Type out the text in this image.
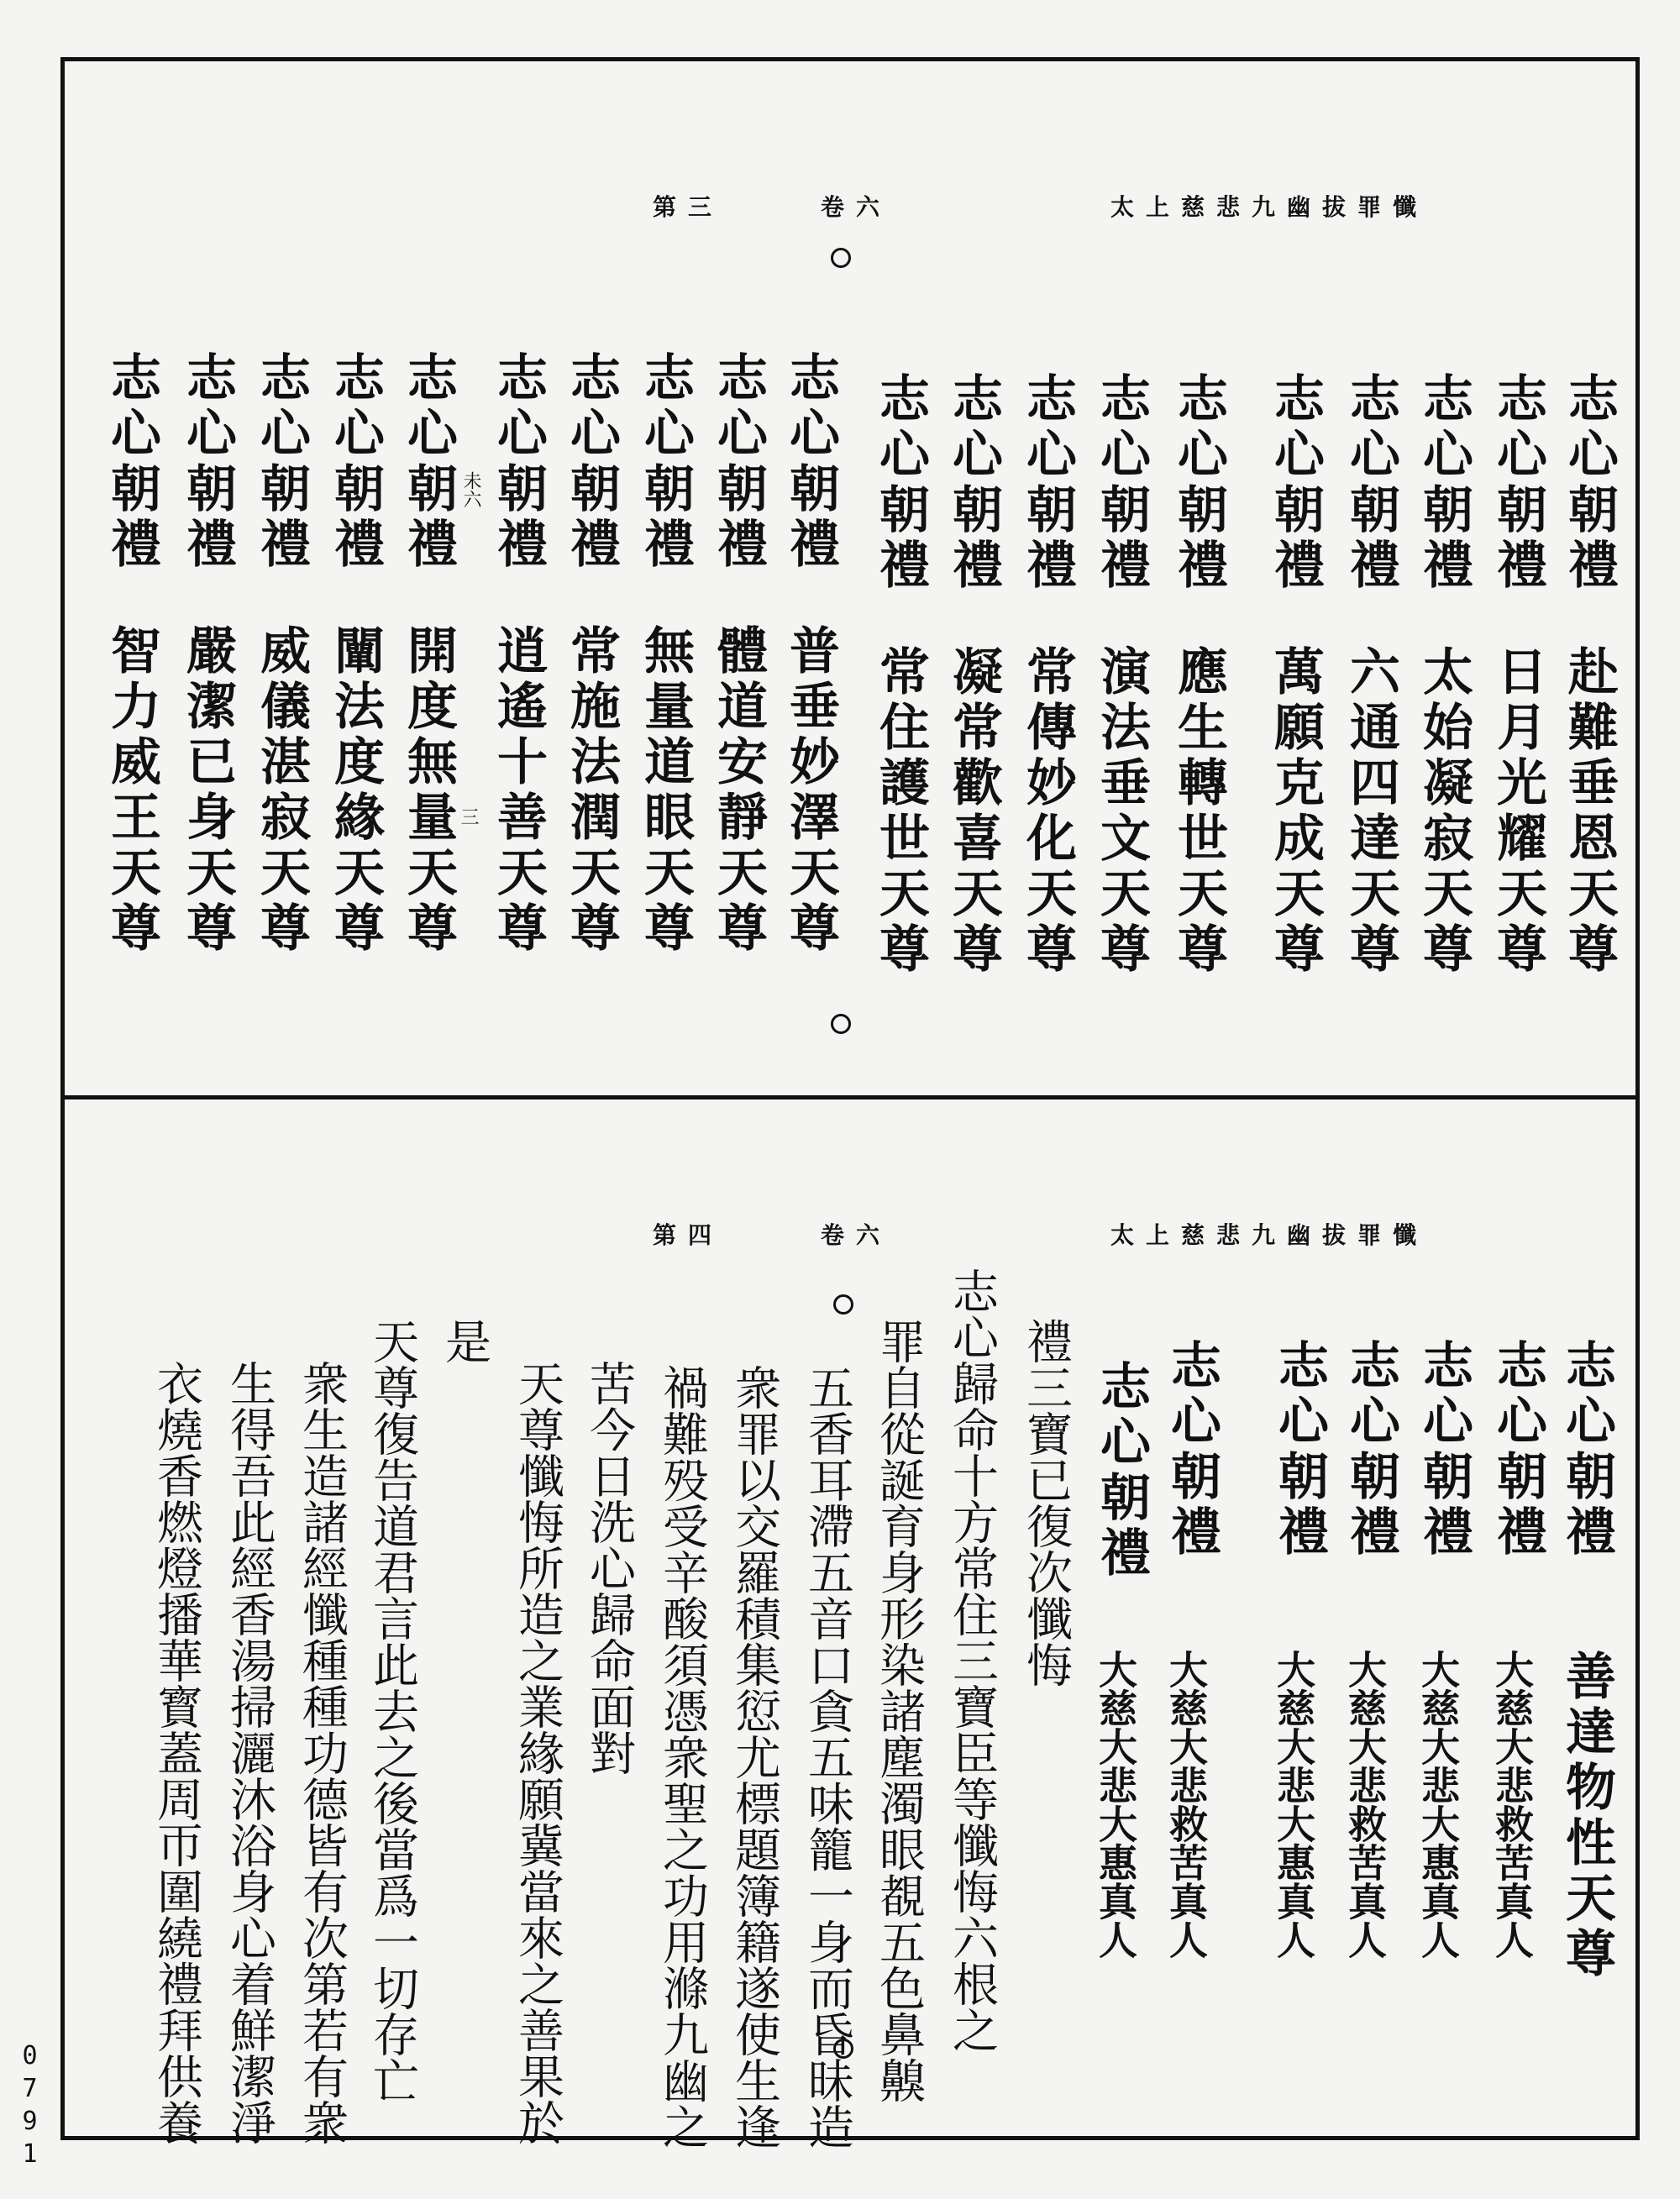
0791
太上慈悲九幽拔罪懺
卷六
第三
志心朝禮
赴難垂恩天尊
志心朝禮
日月光耀天尊
志心朝禮
太始凝寂天尊
志心朝禮
六通四達天尊
志心朝禮
萬願克成天尊
志心朝禮
應生轉世天尊
志心朝禮
演法垂文天尊
志心朝禮
常傳妙化天尊
志心朝禮
凝常歡喜天尊
志心朝禮
常住護世天尊
志心朝禮
普垂妙澤天尊
志心朝禮
體道安靜天尊
志心朝禮
無量道眼天尊
志心朝禮
常施法潤天尊
志心朝禮
逍遙十善天尊
志心朝禮
開度無量天尊
志心朝禮
闡法度緣天尊
志心朝禮
威儀湛寂天尊
志心朝禮
嚴潔已身天尊
志心朝禮
智力威王天尊
未六
三
太上慈悲九幽拔罪懺
卷六
第四
志心朝禮
善達物性天尊
志心朝禮
大慈大悲救苦真人
志心朝禮
大慈大悲大惠真人
志心朝禮
大慈大悲救苦真人
志心朝禮
大慈大悲大惠真人
志心朝禮
大慈大悲救苦真人
志心朝禮
大慈大悲大惠真人
禮三寶已復次懺悔
志心歸命十方常住三寶臣等懺悔六根之
罪自從誕育身形染諸塵濁眼覩五色鼻齅
五香耳滯五音口貪五味籠一身而昏昧造
衆罪以交羅積集愆尤標題簿籍遂使生逢
禍難殁受辛酸須憑衆聖之功用滌九幽之
苦今日洗心歸命面對
天尊懺悔所造之業緣願冀當來之善果於
是
天尊復告道君言此去之後當爲一切存亡
衆生造諸經懺種種功德皆有次第若有衆
生得吾此經香湯掃灑沐浴身心着鮮潔淨
衣燒香燃燈播華寳蓋周帀圍繞禮拜供養
